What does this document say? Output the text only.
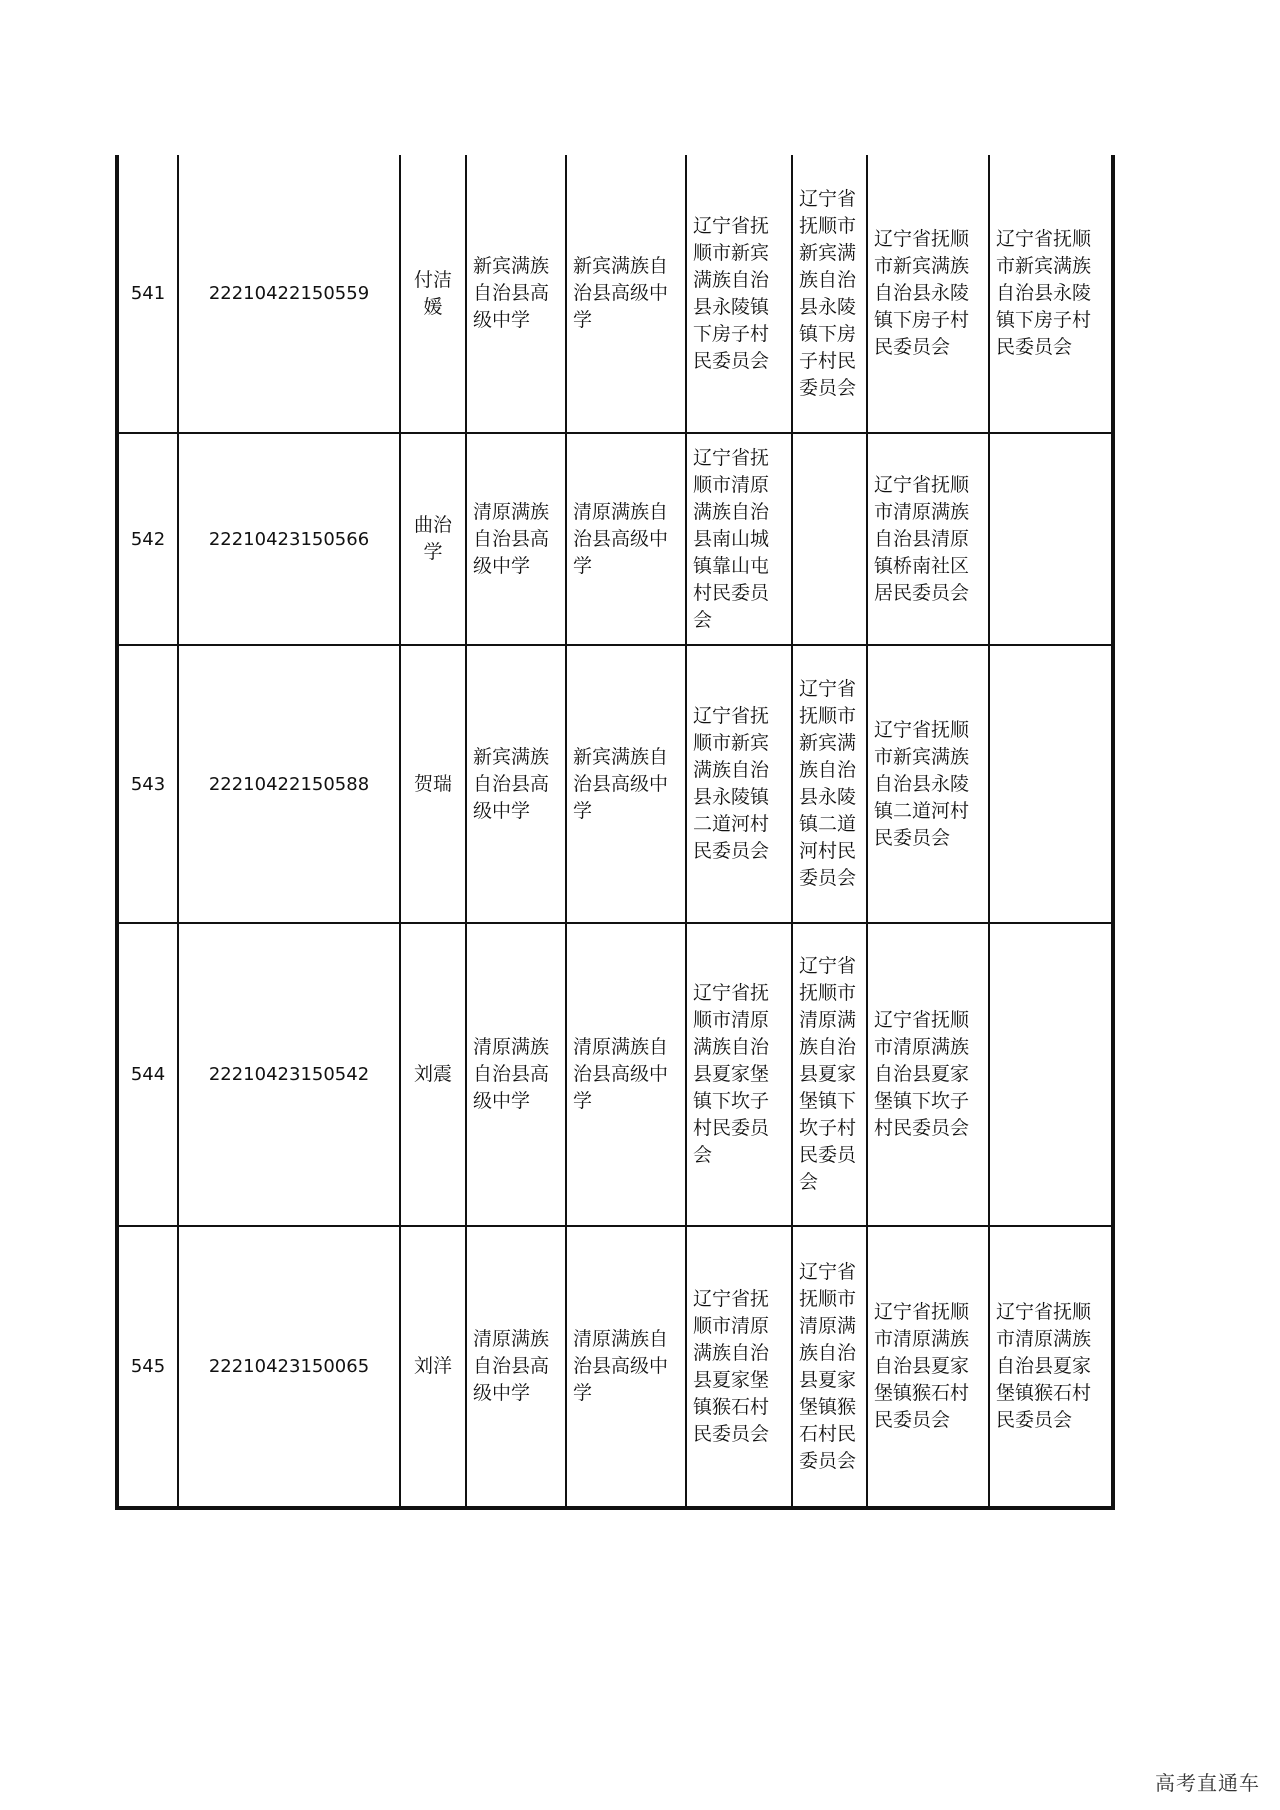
541	22210422150559	付洁媛	新宾满族自治县高级中学	新宾满族自治县高级中学	辽宁省抚顺市新宾满族自治县永陵镇下房子村民委员会	辽宁省抚顺市新宾满族自治县永陵镇下房子村民委员会	辽宁省抚顺市新宾满族自治县永陵镇下房子村民委员会	辽宁省抚顺市新宾满族自治县永陵镇下房子村民委员会
542	22210423150566	曲治学	清原满族自治县高级中学	清原满族自治县高级中学	辽宁省抚顺市清原满族自治县南山城镇靠山屯村民委员会		辽宁省抚顺市清原满族自治县清原镇桥南社区居民委员会	
543	22210422150588	贺瑞	新宾满族自治县高级中学	新宾满族自治县高级中学	辽宁省抚顺市新宾满族自治县永陵镇二道河村民委员会	辽宁省抚顺市新宾满族自治县永陵镇二道河村民委员会	辽宁省抚顺市新宾满族自治县永陵镇二道河村民委员会	
544	22210423150542	刘震	清原满族自治县高级中学	清原满族自治县高级中学	辽宁省抚顺市清原满族自治县夏家堡镇下坎子村民委员会	辽宁省抚顺市清原满族自治县夏家堡镇下坎子村民委员会	辽宁省抚顺市清原满族自治县夏家堡镇下坎子村民委员会	
545	22210423150065	刘洋	清原满族自治县高级中学	清原满族自治县高级中学	辽宁省抚顺市清原满族自治县夏家堡镇猴石村民委员会	辽宁省抚顺市清原满族自治县夏家堡镇猴石村民委员会	辽宁省抚顺市清原满族自治县夏家堡镇猴石村民委员会	辽宁省抚顺市清原满族自治县夏家堡镇猴石村民委员会
高考直通车
